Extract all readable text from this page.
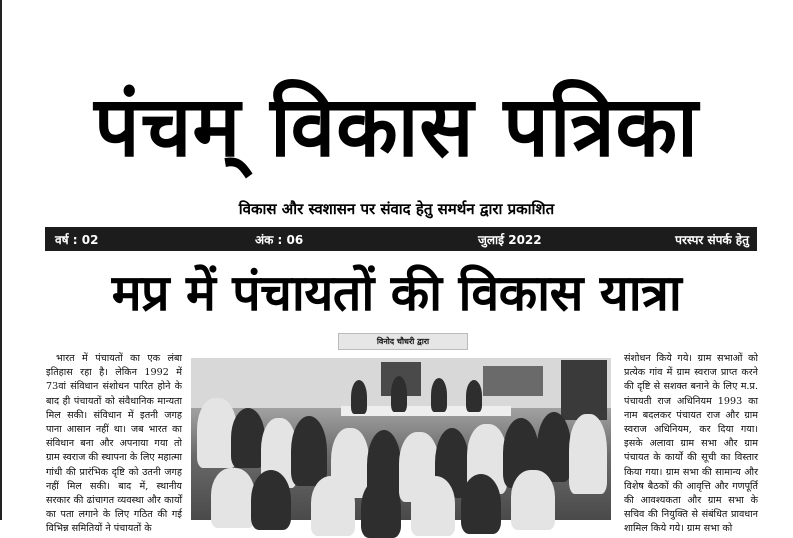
पंचम् विकास पत्रिका
विकास और स्वशासन पर संवाद हेतु समर्थन द्वारा प्रकाशित
वर्ष : 02	अंक : 06	जुलाई 2022	परस्पर संपर्क हेतु
मप्र में पंचायतों की विकास यात्रा
विनोद चौधरी द्वारा
भारत में पंचायतों का एक लंबा इतिहास रहा है। लेकिन 1992 में 73वां संविधान संशोधन पारित होने के बाद ही पंचायतों को संवैधानिक मान्यता मिल सकी। संविधान में इतनी जगह पाना आसान नहीं था। जब भारत का संविधान बना और अपनाया गया तो ग्राम स्वराज की स्थापना के लिए महात्मा गांधी की प्रारंभिक दृष्टि को उतनी जगह नहीं मिल सकी। बाद में, स्थानीय सरकार की ढांचागत व्यवस्था और कार्यों का पता लगाने के लिए गठित की गई विभिन्न समितियों ने पंचायतों के
संशोधन किये गये। ग्राम सभाओं को प्रत्येक गांव में ग्राम स्वराज प्राप्त करने की दृष्टि से सशक्त बनाने के लिए म.प्र. पंचायती राज अधिनियम 1993 का नाम बदलकर पंचायत राज और ग्राम स्वराज अधिनियम, कर दिया गया। इसके अलावा ग्राम सभा और ग्राम पंचायत के कार्यों की सूची का विस्तार किया गया। ग्राम सभा की सामान्य और विशेष बैठकों की आवृत्ति और गणपूर्ति की आवश्यकता और ग्राम सभा के सचिव की नियुक्ति से संबंधित प्रावधान शामिल किये गये। ग्राम सभा को
